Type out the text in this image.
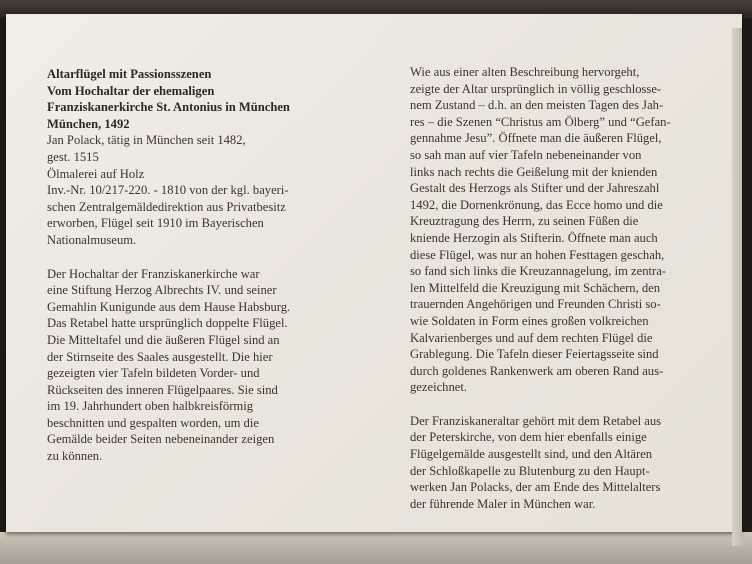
Altarflügel mit Passionsszenen
Vom Hochaltar der ehemaligen
Franziskanerkirche St. Antonius in München
München, 1492
Jan Polack, tätig in München seit 1482,
gest. 1515
Ölmalerei auf Holz
Inv.-Nr. 10/217-220. - 1810 von der kgl. bayeri-
schen Zentralgemäldedirektion aus Privatbesitz
erworben, Flügel seit 1910 im Bayerischen
Nationalmuseum.
Der Hochaltar der Franziskanerkirche war
eine Stiftung Herzog Albrechts IV. und seiner
Gemahlin Kunigunde aus dem Hause Habsburg.
Das Retabel hatte ursprünglich doppelte Flügel.
Die Mitteltafel und die äußeren Flügel sind an
der Stirnseite des Saales ausgestellt. Die hier
gezeigten vier Tafeln bildeten Vorder- und
Rückseiten des inneren Flügelpaares. Sie sind
im 19. Jahrhundert oben halbkreisförmig
beschnitten und gespalten worden, um die
Gemälde beider Seiten nebeneinander zeigen
zu können.
Wie aus einer alten Beschreibung hervorgeht,
zeigte der Altar ursprünglich in völlig geschlosse-
nem Zustand – d.h. an den meisten Tagen des Jah-
res – die Szenen “Christus am Ölberg” und “Gefan-
gennahme Jesu”. Öffnete man die äußeren Flügel,
so sah man auf vier Tafeln nebeneinander von
links nach rechts die Geißelung mit der knienden
Gestalt des Herzogs als Stifter und der Jahreszahl
1492, die Dornenkrönung, das Ecce homo und die
Kreuztragung des Herrn, zu seinen Füßen die
kniende Herzogin als Stifterin. Öffnete man auch
diese Flügel, was nur an hohen Festtagen geschah,
so fand sich links die Kreuzannagelung, im zentra-
len Mittelfeld die Kreuzigung mit Schächern, den
trauernden Angehörigen und Freunden Christi so-
wie Soldaten in Form eines großen volkreichen
Kalvarienberges und auf dem rechten Flügel die
Grablegung. Die Tafeln dieser Feiertagsseite sind
durch goldenes Rankenwerk am oberen Rand aus-
gezeichnet.
Der Franziskaneraltar gehört mit dem Retabel aus
der Peterskirche, von dem hier ebenfalls einige
Flügelgemälde ausgestellt sind, und den Altären
der Schloßkapelle zu Blutenburg zu den Haupt-
werken Jan Polacks, der am Ende des Mittelalters
der führende Maler in München war.
